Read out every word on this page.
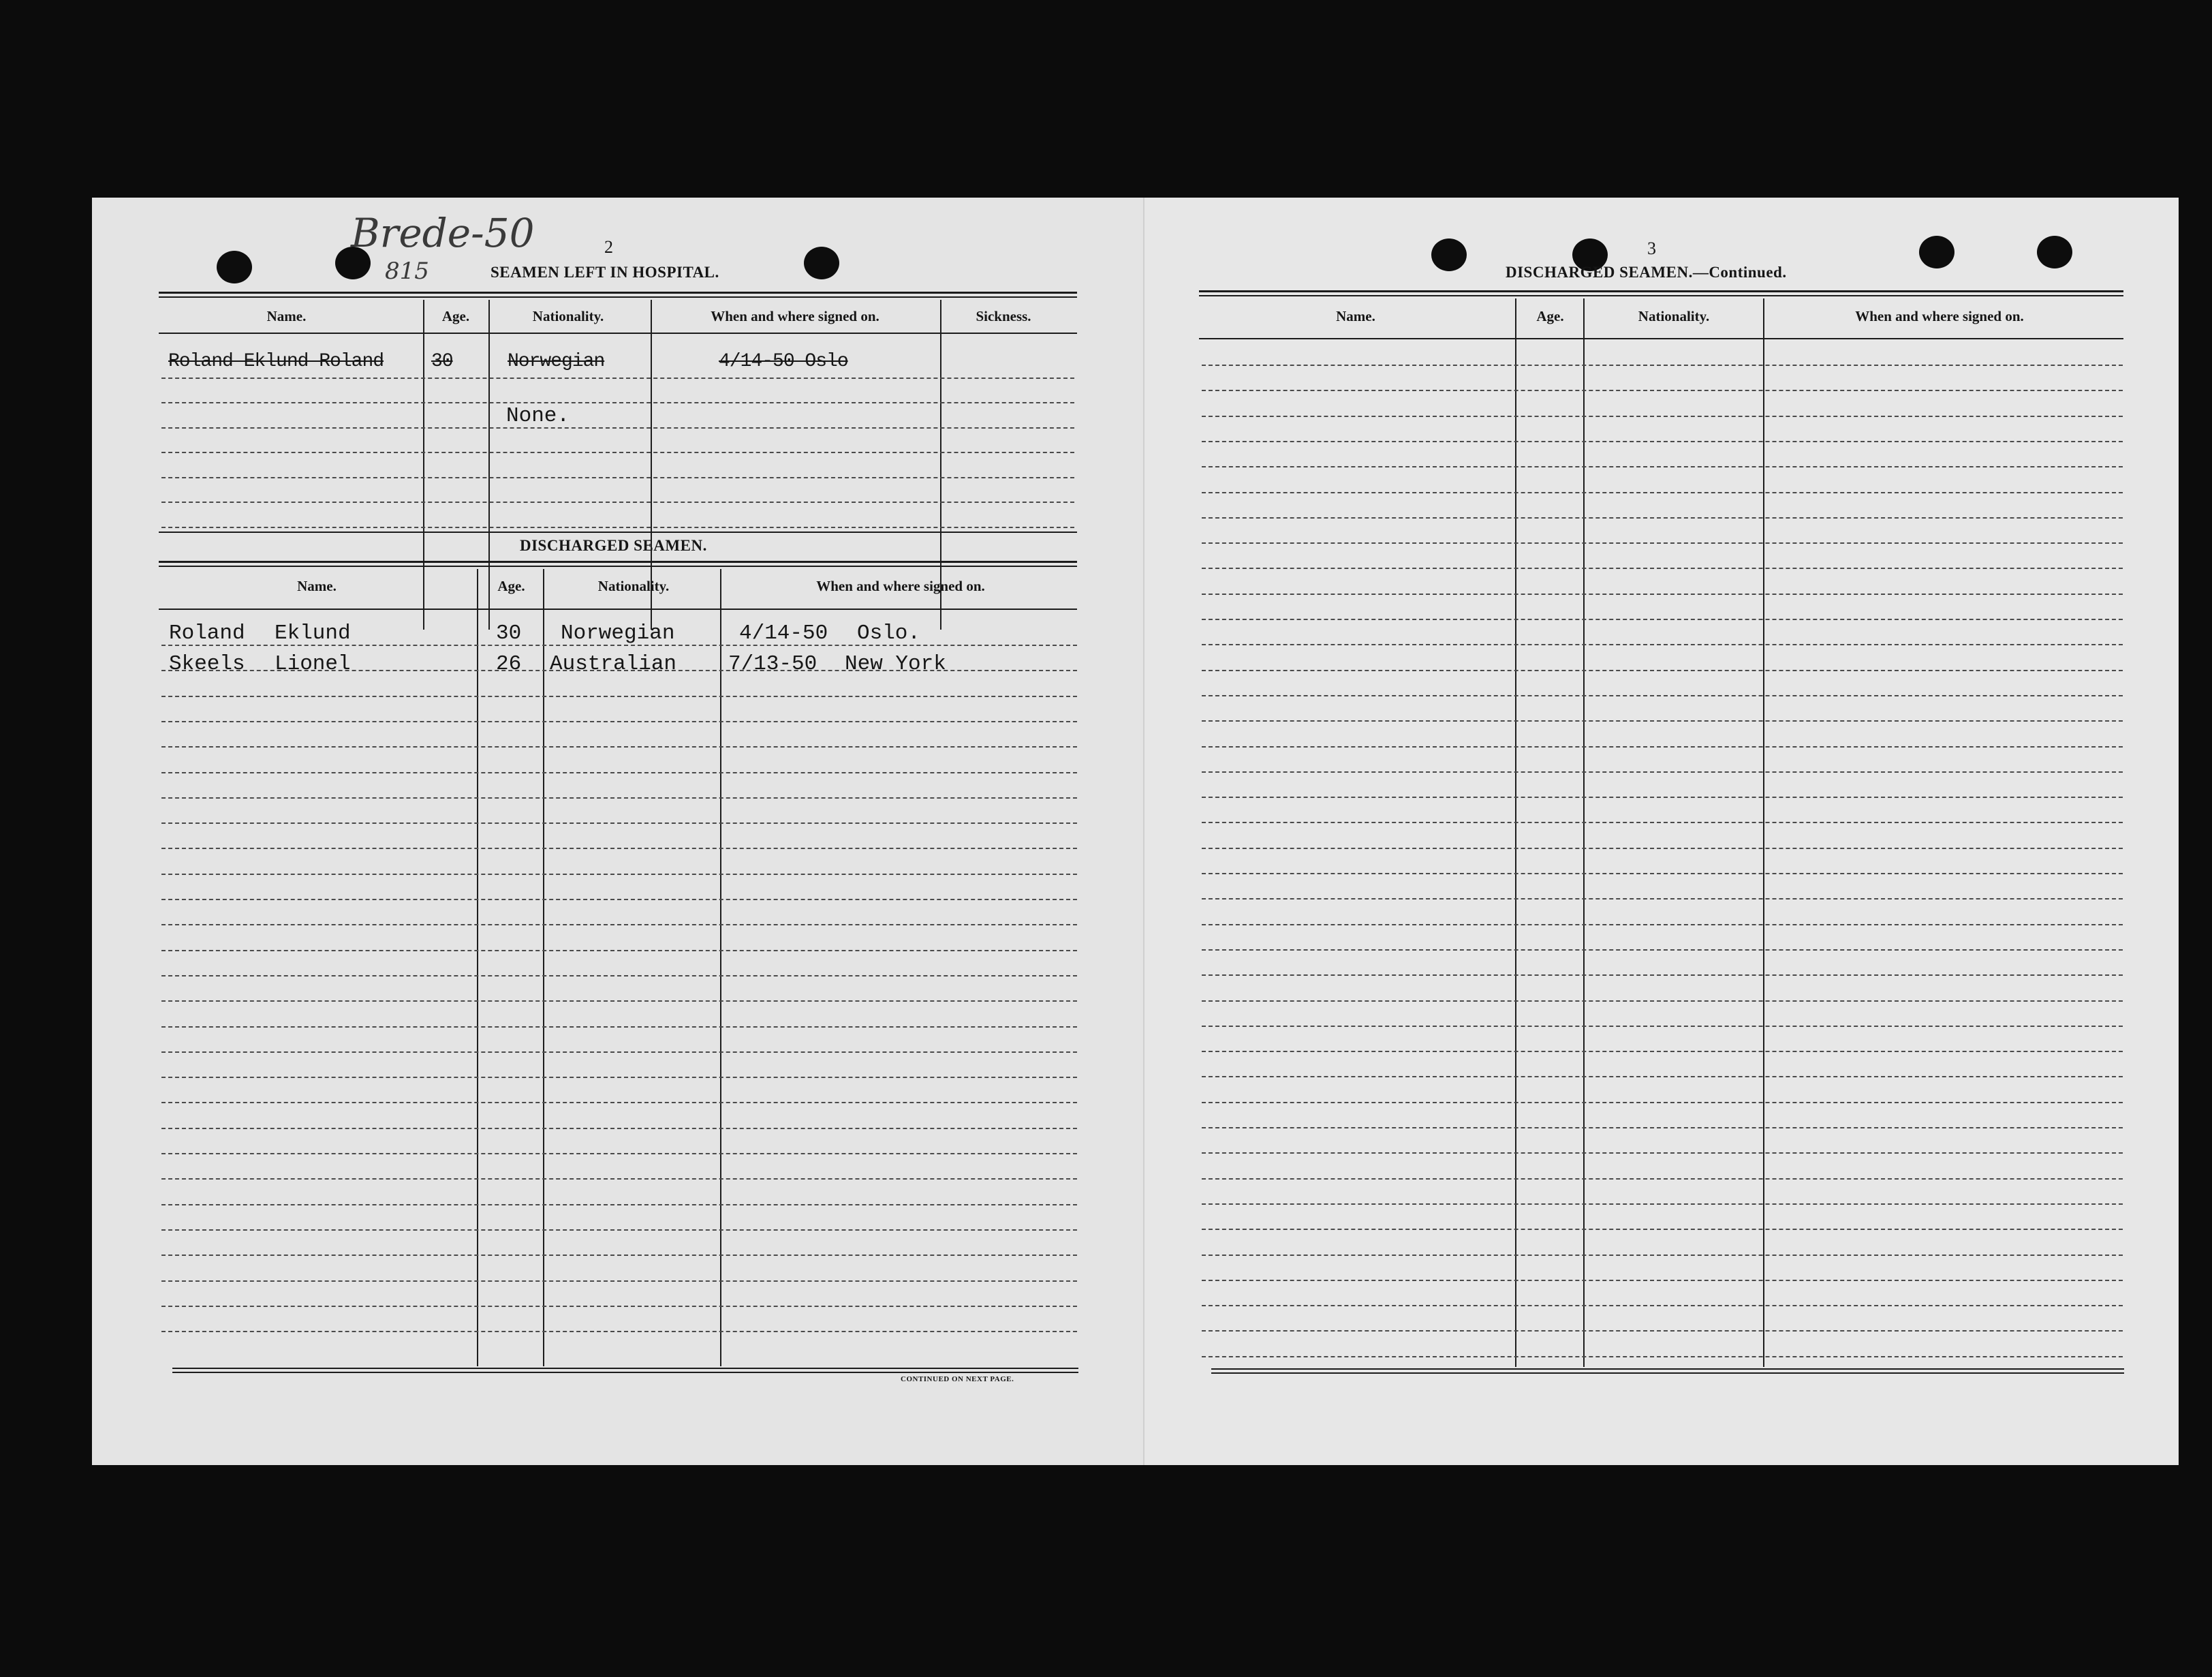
Brede-50
815
2
SEAMEN LEFT IN HOSPITAL.
Name.	Age.	Nationality.	When and where signed on.	Sickness.
Roland Eklund Roland 30	Norwegian	4/14-50 Oslo
None.
DISCHARGED SEAMEN.
Name.	Age.	Nationality.	When and where signed on.
Roland Eklund	30 Norwegian	4/14-50 Oslo.
Skeels Lionel	26 Australian 7/13-50 New York
CONTINUED ON NEXT PAGE.
3
DISCHARGED SEAMEN.—Continued.
Name.	Age.	Nationality.	When and where signed on.
